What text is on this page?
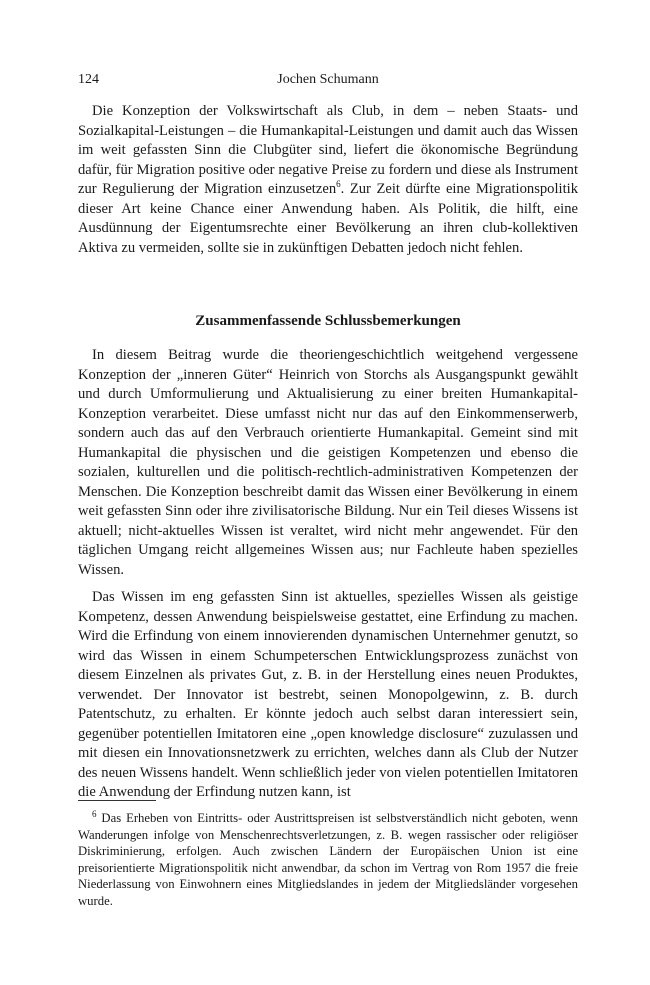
124	Jochen Schumann

Die Konzeption der Volkswirtschaft als Club, in dem – neben Staats- und Sozialkapital-Leistungen – die Humankapital-Leistungen und damit auch das Wissen im weit gefassten Sinn die Clubgüter sind, liefert die ökonomische Begründung dafür, für Migration positive oder negative Preise zu fordern und diese als Instrument zur Regulierung der Migration einzusetzen$^6$. Zur Zeit dürfte eine Migrationspolitik dieser Art keine Chance einer Anwendung haben. Als Politik, die hilft, eine Ausdünnung der Eigentumsrechte einer Bevölkerung an ihren club-kollektiven Aktiva zu vermeiden, sollte sie in zukünftigen Debatten jedoch nicht fehlen.

Zusammenfassende Schlussbemerkungen

In diesem Beitrag wurde die theoriengeschichtlich weitgehend vergessene Konzeption der „inneren Güter“ Heinrich von Storchs als Ausgangspunkt gewählt und durch Umformulierung und Aktualisierung zu einer breiten Humankapital-Konzeption verarbeitet. Diese umfasst nicht nur das auf den Einkommenserwerb, sondern auch das auf den Verbrauch orientierte Humankapital. Gemeint sind mit Humankapital die physischen und die geistigen Kompetenzen und ebenso die sozialen, kulturellen und die politisch-rechtlich-administrativen Kompetenzen der Menschen. Die Konzeption beschreibt damit das Wissen einer Bevölkerung in einem weit gefassten Sinn oder ihre zivilisatorische Bildung. Nur ein Teil dieses Wissens ist aktuell; nicht-aktuelles Wissen ist veraltet, wird nicht mehr angewendet. Für den täglichen Umgang reicht allgemeines Wissen aus; nur Fachleute haben spezielles Wissen.

Das Wissen im eng gefassten Sinn ist aktuelles, spezielles Wissen als geistige Kompetenz, dessen Anwendung beispielsweise gestattet, eine Erfindung zu machen. Wird die Erfindung von einem innovierenden dynamischen Unternehmer genutzt, so wird das Wissen in einem Schumpeterschen Entwicklungsprozess zunächst von diesem Einzelnen als privates Gut, z. B. in der Herstellung eines neuen Produktes, verwendet. Der Innovator ist bestrebt, seinen Monopolgewinn, z. B. durch Patentschutz, zu erhalten. Er könnte jedoch auch selbst daran interessiert sein, gegenüber potentiellen Imitatoren eine „open knowledge disclosure“ zuzulassen und mit diesen ein Innovationsnetzwerk zu errichten, welches dann als Club der Nutzer des neuen Wissens handelt. Wenn schließlich jeder von vielen potentiellen Imitatoren die Anwendung der Erfindung nutzen kann, ist

$^6$ Das Erheben von Eintritts- oder Austrittspreisen ist selbstverständlich nicht geboten, wenn Wanderungen infolge von Menschenrechtsverletzungen, z. B. wegen rassischer oder religiöser Diskriminierung, erfolgen. Auch zwischen Ländern der Europäischen Union ist eine preisorientierte Migrationspolitik nicht anwendbar, da schon im Vertrag von Rom 1957 die freie Niederlassung von Einwohnern eines Mitgliedslandes in jedem der Mitgliedsländer vorgesehen wurde.
